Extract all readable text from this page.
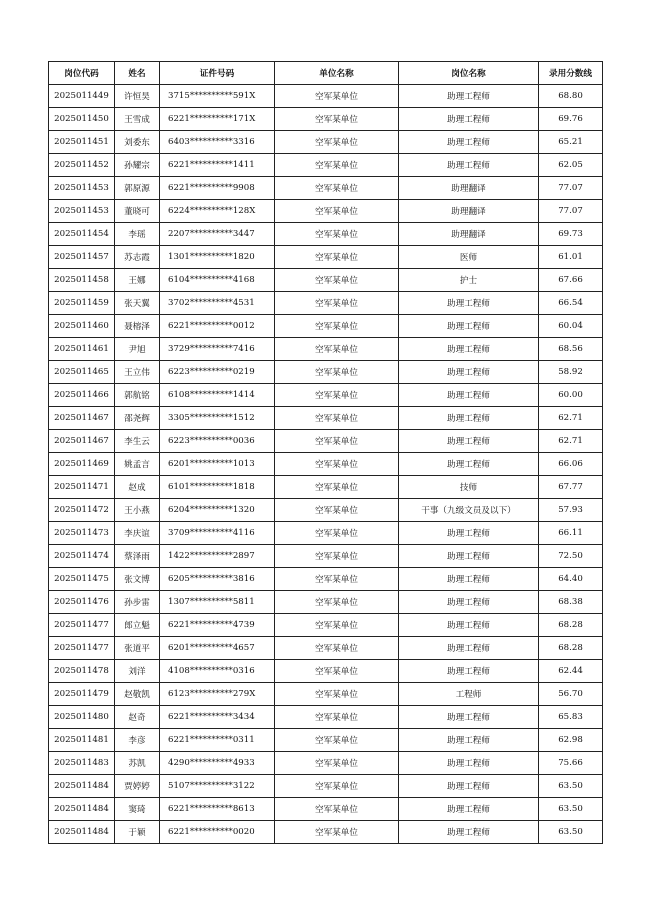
岗位代码	姓名	证件号码	单位名称	岗位名称	录用分数线
2025011449	许恒昊	3715**********591X	空军某单位	助理工程师	68.80
2025011450	王雪成	6221**********171X	空军某单位	助理工程师	69.76
2025011451	刘委东	6403**********3316	空军某单位	助理工程师	65.21
2025011452	孙耀宗	6221**********1411	空军某单位	助理工程师	62.05
2025011453	郭原源	6221**********9908	空军某单位	助理翻译	77.07
2025011453	董晓可	6224**********128X	空军某单位	助理翻译	77.07
2025011454	李瑶	2207**********3447	空军某单位	助理翻译	69.73
2025011457	苏志霞	1301**********1820	空军某单位	医师	61.01
2025011458	王娜	6104**********4168	空军某单位	护士	67.66
2025011459	张天翼	3702**********4531	空军某单位	助理工程师	66.54
2025011460	聂榕泽	6221**********0012	空军某单位	助理工程师	60.04
2025011461	尹旭	3729**********7416	空军某单位	助理工程师	68.56
2025011465	王立伟	6223**********0219	空军某单位	助理工程师	58.92
2025011466	郭航铭	6108**********1414	空军某单位	助理工程师	60.00
2025011467	邵尧辉	3305**********1512	空军某单位	助理工程师	62.71
2025011467	李生云	6223**********0036	空军某单位	助理工程师	62.71
2025011469	姚孟言	6201**********1013	空军某单位	助理工程师	66.06
2025011471	赵成	6101**********1818	空军某单位	技师	67.77
2025011472	王小燕	6204**********1320	空军某单位	干事（九级文员及以下）	57.93
2025011473	李庆谊	3709**********4116	空军某单位	助理工程师	66.11
2025011474	蔡泽雨	1422**********2897	空军某单位	助理工程师	72.50
2025011475	张文博	6205**********3816	空军某单位	助理工程师	64.40
2025011476	孙步雷	1307**********5811	空军某单位	助理工程师	68.38
2025011477	郎立魁	6221**********4739	空军某单位	助理工程师	68.28
2025011477	张道平	6201**********4657	空军某单位	助理工程师	68.28
2025011478	刘洋	4108**********0316	空军某单位	助理工程师	62.44
2025011479	赵敬凯	6123**********279X	空军某单位	工程师	56.70
2025011480	赵奇	6221**********3434	空军某单位	助理工程师	65.83
2025011481	李彦	6221**********0311	空军某单位	助理工程师	62.98
2025011483	苏凯	4290**********4933	空军某单位	助理工程师	75.66
2025011484	贾婷婷	5107**********3122	空军某单位	助理工程师	63.50
2025011484	窦琦	6221**********8613	空军某单位	助理工程师	63.50
2025011484	于颖	6221**********0020	空军某单位	助理工程师	63.50
